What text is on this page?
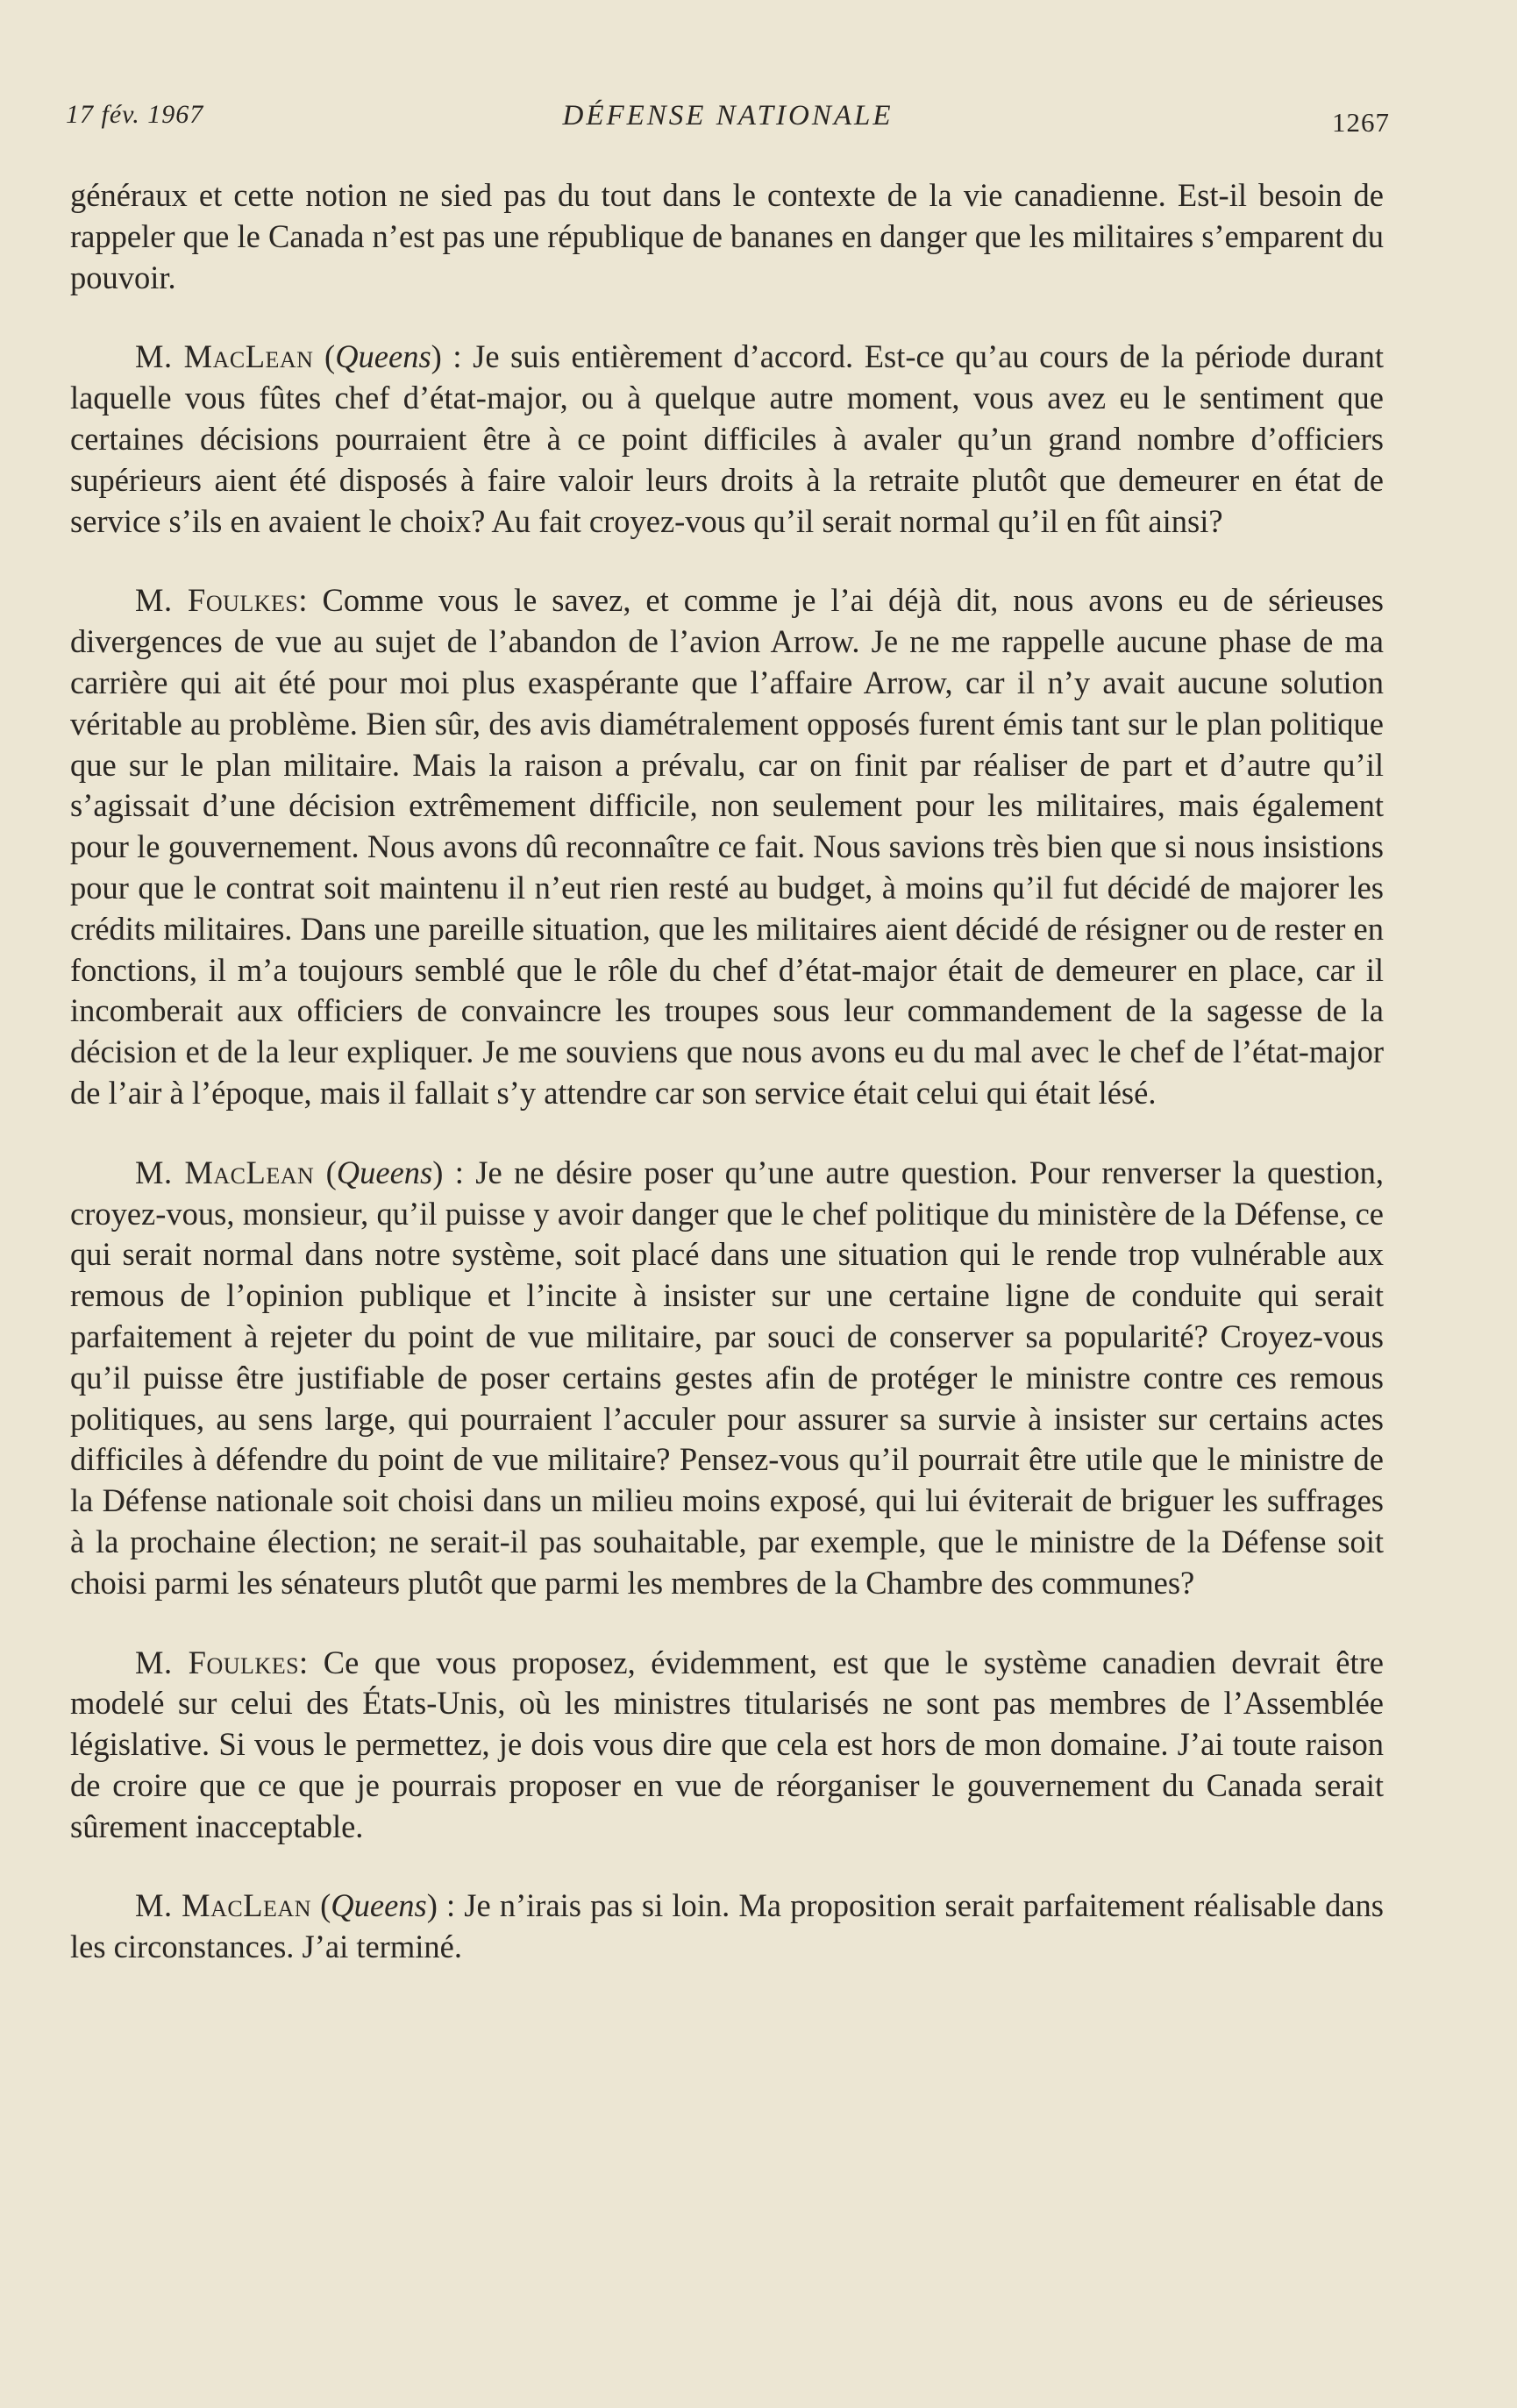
17 fév. 1967	DÉFENSE NATIONALE	1267

généraux et cette notion ne sied pas du tout dans le contexte de la vie canadienne. Est-il besoin de rappeler que le Canada n’est pas une république de bananes en danger que les militaires s’emparent du pouvoir.

M. MacLean (Queens) : Je suis entièrement d’accord. Est-ce qu’au cours de la période durant laquelle vous fûtes chef d’état-major, ou à quelque autre moment, vous avez eu le sentiment que certaines décisions pourraient être à ce point difficiles à avaler qu’un grand nombre d’officiers supérieurs aient été disposés à faire valoir leurs droits à la retraite plutôt que demeurer en état de service s’ils en avaient le choix? Au fait croyez-vous qu’il serait normal qu’il en fût ainsi?

M. Foulkes: Comme vous le savez, et comme je l’ai déjà dit, nous avons eu de sérieuses divergences de vue au sujet de l’abandon de l’avion Arrow. Je ne me rappelle aucune phase de ma carrière qui ait été pour moi plus exaspérante que l’affaire Arrow, car il n’y avait aucune solution véritable au problème. Bien sûr, des avis diamétralement opposés furent émis tant sur le plan politique que sur le plan militaire. Mais la raison a prévalu, car on finit par réaliser de part et d’autre qu’il s’agissait d’une décision extrêmement difficile, non seulement pour les militaires, mais également pour le gouvernement. Nous avons dû reconnaître ce fait. Nous savions très bien que si nous insistions pour que le contrat soit maintenu il n’eut rien resté au budget, à moins qu’il fut décidé de majorer les crédits militaires. Dans une pareille situation, que les militaires aient décidé de résigner ou de rester en fonctions, il m’a toujours semblé que le rôle du chef d’état-major était de demeurer en place, car il incomberait aux officiers de convaincre les troupes sous leur commandement de la sagesse de la décision et de la leur expliquer. Je me souviens que nous avons eu du mal avec le chef de l’état-major de l’air à l’époque, mais il fallait s’y attendre car son service était celui qui était lésé.

M. MacLean (Queens) : Je ne désire poser qu’une autre question. Pour renverser la question, croyez-vous, monsieur, qu’il puisse y avoir danger que le chef politique du ministère de la Défense, ce qui serait normal dans notre système, soit placé dans une situation qui le rende trop vulnérable aux remous de l’opinion publique et l’incite à insister sur une certaine ligne de conduite qui serait parfaitement à rejeter du point de vue militaire, par souci de conserver sa popularité? Croyez-vous qu’il puisse être justifiable de poser certains gestes afin de protéger le ministre contre ces remous politiques, au sens large, qui pourraient l’acculer pour assurer sa survie à insister sur certains actes difficiles à défendre du point de vue militaire? Pensez-vous qu’il pourrait être utile que le ministre de la Défense nationale soit choisi dans un milieu moins exposé, qui lui éviterait de briguer les suffrages à la prochaine élection; ne serait-il pas souhaitable, par exemple, que le ministre de la Défense soit choisi parmi les sénateurs plutôt que parmi les membres de la Chambre des communes?

M. Foulkes: Ce que vous proposez, évidemment, est que le système canadien devrait être modelé sur celui des États-Unis, où les ministres titularisés ne sont pas membres de l’Assemblée législative. Si vous le permettez, je dois vous dire que cela est hors de mon domaine. J’ai toute raison de croire que ce que je pourrais proposer en vue de réorganiser le gouvernement du Canada serait sûrement inacceptable.

M. MacLean (Queens) : Je n’irais pas si loin. Ma proposition serait parfaitement réalisable dans les circonstances. J’ai terminé.
